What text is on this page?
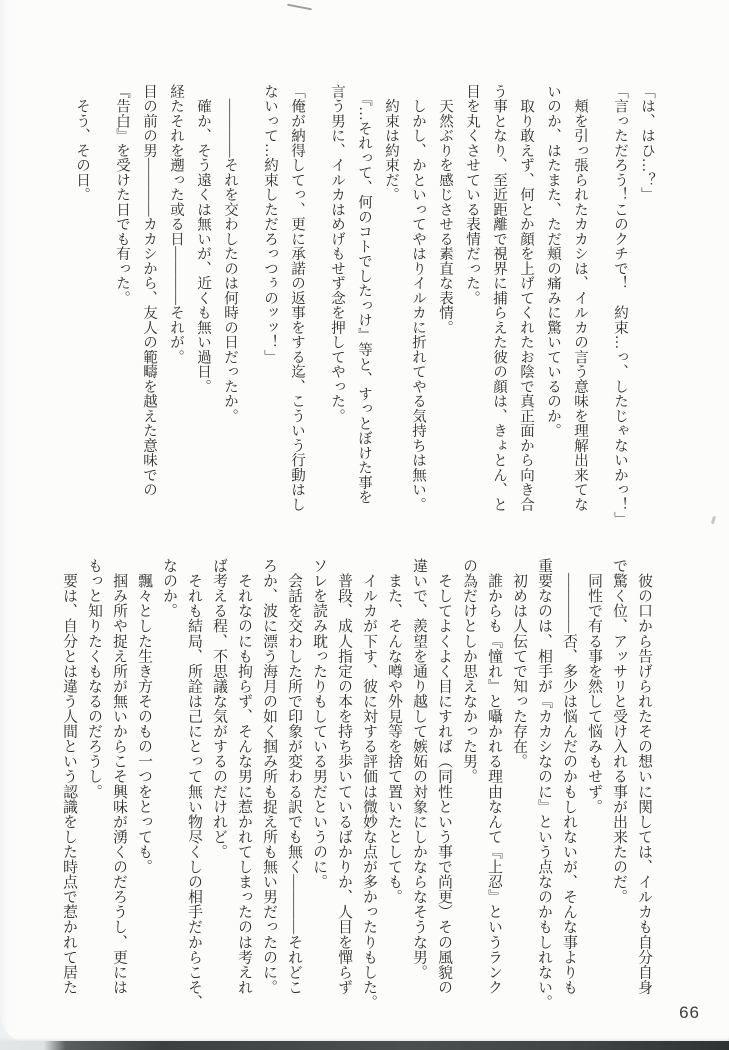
「は、はひ…？」

「言っただろう！このクチで！　約束…っ、したじゃないかっ！」

　頬を引っ張られたカカシは、イルカの言う意味を理解出来てな

いのか、はたまた、ただ頬の痛みに驚いているのか。

　取り敢えず、何とか顔を上げてくれたお陰で真正面から向き合

う事となり、至近距離で視界に捕らえた彼の顔は、きょとん、と

目を丸くさせている表情だった。

　天然ぶりを感じさせる素直な表情。

　しかし、かといってやはりイルカに折れてやる気持ちは無い。

　約束は約束だ。

　『…それって、何のコトでしたっけ』等と、すっとぼけた事を

言う男に、イルカはめげもせず念を押してやった。

「俺が納得してっ、更に承諾の返事をする迄、こういう行動はし

ないって…約束しただろっつぅのッッ！」

　――――それを交わしたのは何時の日だったか。

　確か、そう遠くは無いが、近くも無い過日。

経たそれを遡った或る日――――それが。

目の前の男――――カカシから、友人の範疇を越えた意味での

『告白』を受けた日でも有った。

　そう、その日。

　彼の口から告げられたその想いに関しては、イルカも自分自身

で驚く位、アッサリと受け入れる事が出来たのだ。

　同性で有る事を然して悩みもせず。

　――――否、多少は悩んだのかもしれないが、そんな事よりも

重要なのは、相手が『カカシなのに』という点なのかもしれない。

　初めは人伝てで知った存在。

　誰からも『憧れ』と囁かれる理由なんて『上忍』というランク

の為だけとしか思えなかった男。

　そしてよくよく目にすれば（同性という事で尚更）その風貌の

違いで、羨望を通り越して嫉妬の対象にしかならなそうな男。

　また、そんな噂や外見等を捨て置いたとしても。

　イルカが下す、彼に対する評価は微妙な点が多かったりもした。

　普段、成人指定の本を持ち歩いているばかりか、人目を憚らず

ソレを読み耽ったりもしている男だというのに。

　会話を交わした所で印象が変わる訳でも無く――――それどこ

ろか、波に漂う海月の如く掴み所も捉え所も無い男だったのに。

　それなのにも拘らず、そんな男に惹かれてしまったのは考えれ

ば考える程、不思議な気がするのだけれど。

　それも結局、所詮は己にとって無い物尽くしの相手だからこそ、

なのか。

　飄々とした生き方そのもの一つをとっても。

　掴み所や捉え所が無いからこそ興味が湧くのだろうし、更には

もっと知りたくもなるのだろうし。

　要は、自分とは違う人間という認識をした時点で惹かれて居た

66
